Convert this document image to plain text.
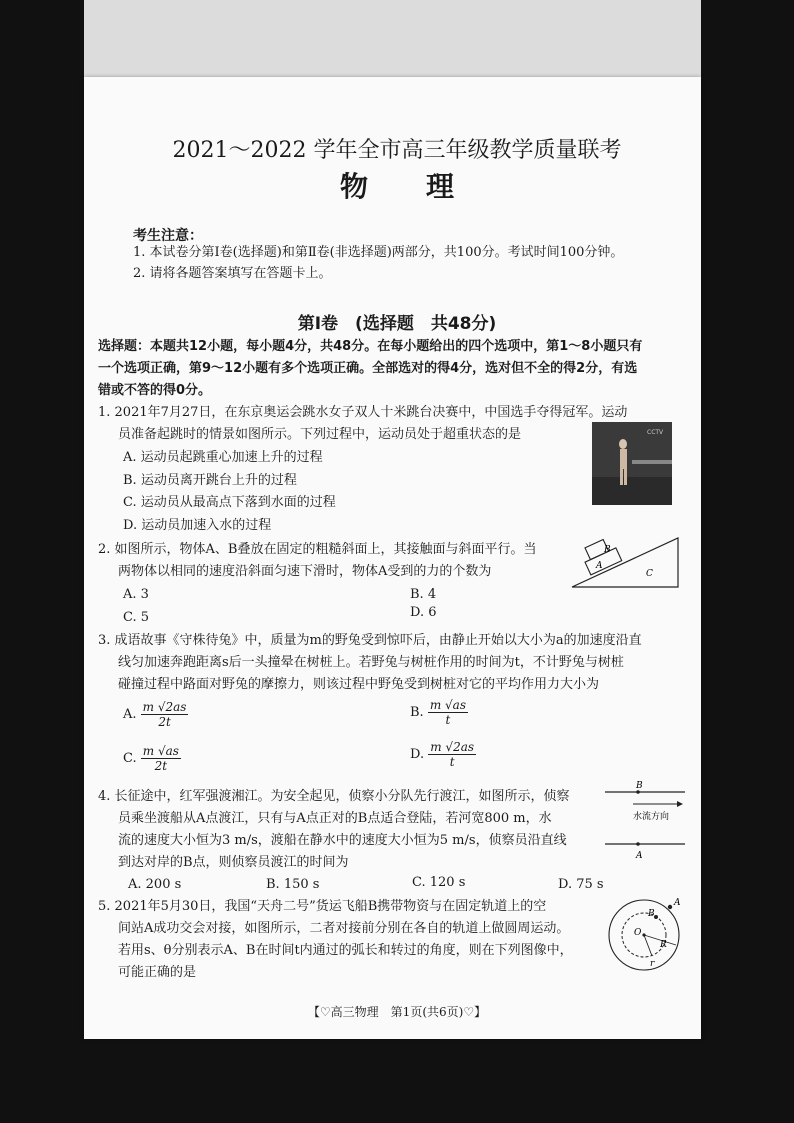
2021～2022 学年全市高三年级教学质量联考
物理
考生注意：
1. 本试卷分第Ⅰ卷(选择题)和第Ⅱ卷(非选择题)两部分，共100分。考试时间100分钟。
2. 请将各题答案填写在答题卡上。
第Ⅰ卷　(选择题　共48分)
选择题：本题共12小题，每小题4分，共48分。在每小题给出的四个选项中，第1～8小题只有
一个选项正确，第9～12小题有多个选项正确。全部选对的得4分，选对但不全的得2分，有选
错或不答的得0分。
1. 2021年7月27日，在东京奥运会跳水女子双人十米跳台决赛中，中国选手夺得冠军。运动
员准备起跳时的情景如图所示。下列过程中，运动员处于超重状态的是
A. 运动员起跳重心加速上升的过程
B. 运动员离开跳台上升的过程
C. 运动员从最高点下落到水面的过程
D. 运动员加速入水的过程
CCTV
2. 如图所示，物体A、B叠放在固定的粗糙斜面上，其接触面与斜面平行。当
两物体以相同的速度沿斜面匀速下滑时，物体A受到的力的个数为
A. 3	B. 4
C. 5	D. 6
B
A
C
3. 成语故事《守株待兔》中，质量为m的野兔受到惊吓后，由静止开始以大小为a的加速度沿直
线匀加速奔跑距离s后一头撞晕在树桩上。若野兔与树桩作用的时间为t，不计野兔与树桩
碰撞过程中路面对野兔的摩擦力，则该过程中野兔受到树桩对它的平均作用力大小为
A. $\frac{m √2as}{2t}$	B. $\frac{m √as}{t}$
C. $\frac{m √as}{2t}$	D. $\frac{m √2as}{t}$
4. 长征途中，红军强渡湘江。为安全起见，侦察小分队先行渡江，如图所示，侦察
员乘坐渡船从A点渡江，只有与A点正对的B点适合登陆，若河宽800 m，水
流的速度大小恒为3 m/s，渡船在静水中的速度大小恒为5 m/s，侦察员沿直线
到达对岸的B点，则侦察员渡江的时间为
A. 200 s	B. 150 s	C. 120 s	D. 75 s
B
水流方向
A
5. 2021年5月30日，我国“天舟二号”货运飞船B携带物资与在固定轨道上的空
间站A成功交会对接，如图所示，二者对接前分别在各自的轨道上做圆周运动。
若用s、θ分别表示A、B在时间t内通过的弧长和转过的角度，则在下列图像中，
可能正确的是
A
B
O
R
r
【♡高三物理　第1页(共6页)♡】
